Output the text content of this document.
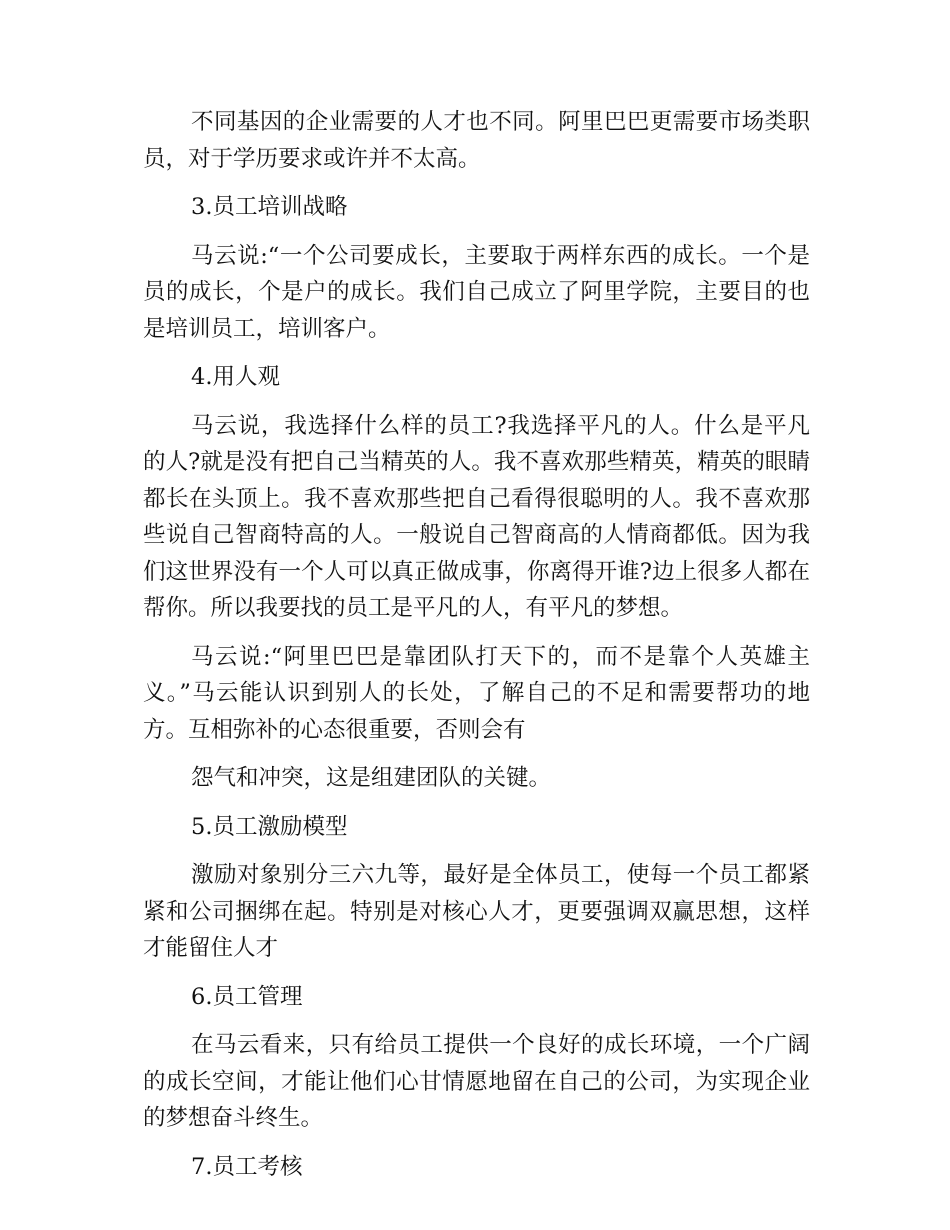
不同基因的企业需要的人才也不同。阿里巴巴更需要市场类职员，对于学历要求或许并不太高。

3.员工培训战略

马云说:“一个公司要成长，主要取于两样东西的成长。一个是员的成长，个是户的成长。我们自己成立了阿里学院，主要目的也是培训员工，培训客户。

4.用人观

马云说，我选择什么样的员工?我选择平凡的人。什么是平凡的人?就是没有把自己当精英的人。我不喜欢那些精英，精英的眼睛都长在头顶上。我不喜欢那些把自己看得很聪明的人。我不喜欢那些说自己智商特高的人。一般说自己智商高的人情商都低。因为我们这世界没有一个人可以真正做成事，你离得开谁?边上很多人都在帮你。所以我要找的员工是平凡的人，有平凡的梦想。

马云说:“阿里巴巴是靠团队打天下的，而不是靠个人英雄主义。”马云能认识到别人的长处，了解自己的不足和需要帮功的地方。互相弥补的心态很重要，否则会有

怨气和冲突，这是组建团队的关键。

5.员工激励模型

激励对象别分三六九等，最好是全体员工，使每一个员工都紧紧和公司捆绑在起。特别是对核心人才，更要强调双赢思想，这样才能留住人才

6.员工管理

在马云看来，只有给员工提供一个良好的成长环境，一个广阔的成长空间，才能让他们心甘情愿地留在自己的公司，为实现企业的梦想奋斗终生。

7.员工考核
